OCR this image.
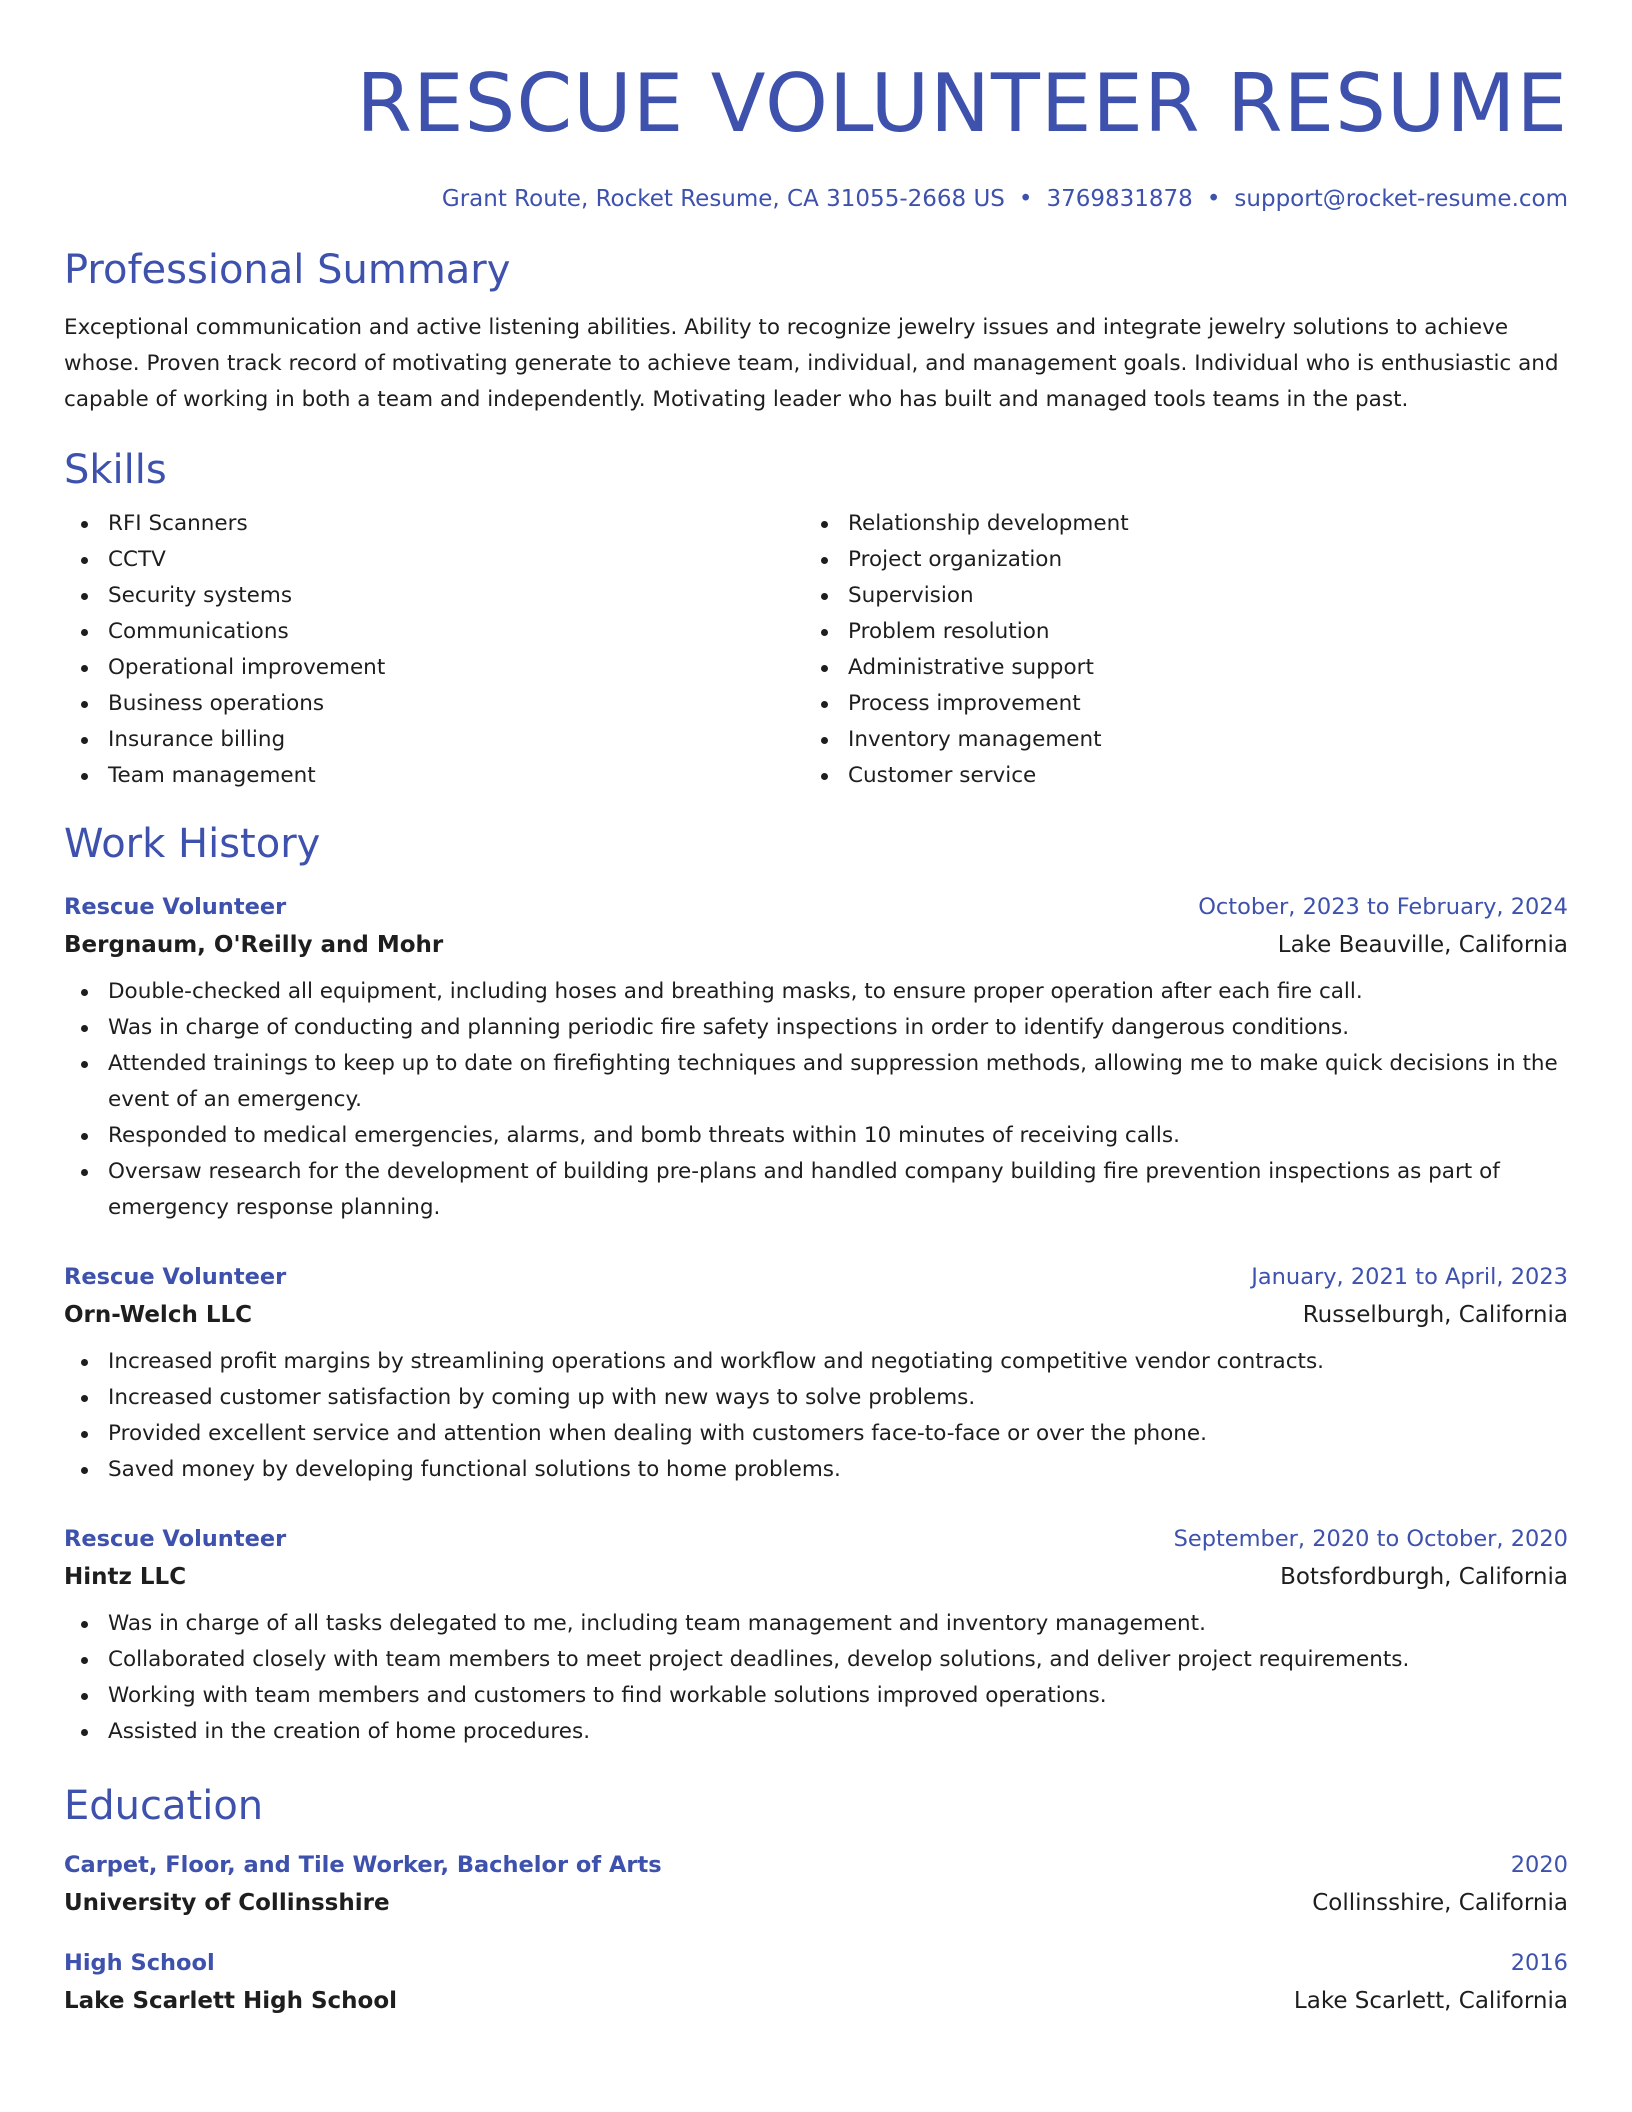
RESCUE VOLUNTEER RESUME
Grant Route, Rocket Resume, CA 31055-2668 US • 3769831878 • support@rocket-resume.com
Professional Summary

Exceptional communication and active listening abilities. Ability to recognize jewelry issues and integrate jewelry solutions to achieve whose. Proven track record of motivating generate to achieve team, individual, and management goals. Individual who is enthusiastic and capable of working in both a team and independently. Motivating leader who has built and managed tools teams in the past.

Skills
RFI Scanners
CCTV
Security systems
Communications
Operational improvement
Business operations
Insurance billing
Team management
Relationship development
Project organization
Supervision
Problem resolution
Administrative support
Process improvement
Inventory management
Customer service
Work History
Rescue Volunteer	October, 2023 to February, 2024
Bergnaum, O'Reilly and Mohr	Lake Beauville, California
Double-checked all equipment, including hoses and breathing masks, to ensure proper operation after each fire call.
Was in charge of conducting and planning periodic fire safety inspections in order to identify dangerous conditions.
Attended trainings to keep up to date on firefighting techniques and suppression methods, allowing me to make quick decisions in the event of an emergency.
Responded to medical emergencies, alarms, and bomb threats within 10 minutes of receiving calls.
Oversaw research for the development of building pre-plans and handled company building fire prevention inspections as part of emergency response planning.
Rescue Volunteer	January, 2021 to April, 2023
Orn-Welch LLC	Russelburgh, California
Increased profit margins by streamlining operations and workflow and negotiating competitive vendor contracts.
Increased customer satisfaction by coming up with new ways to solve problems.
Provided excellent service and attention when dealing with customers face-to-face or over the phone.
Saved money by developing functional solutions to home problems.
Rescue Volunteer	September, 2020 to October, 2020
Hintz LLC	Botsfordburgh, California
Was in charge of all tasks delegated to me, including team management and inventory management.
Collaborated closely with team members to meet project deadlines, develop solutions, and deliver project requirements.
Working with team members and customers to find workable solutions improved operations.
Assisted in the creation of home procedures.
Education
Carpet, Floor, and Tile Worker, Bachelor of Arts	2020
University of Collinsshire	Collinsshire, California
High School	2016
Lake Scarlett High School	Lake Scarlett, California
